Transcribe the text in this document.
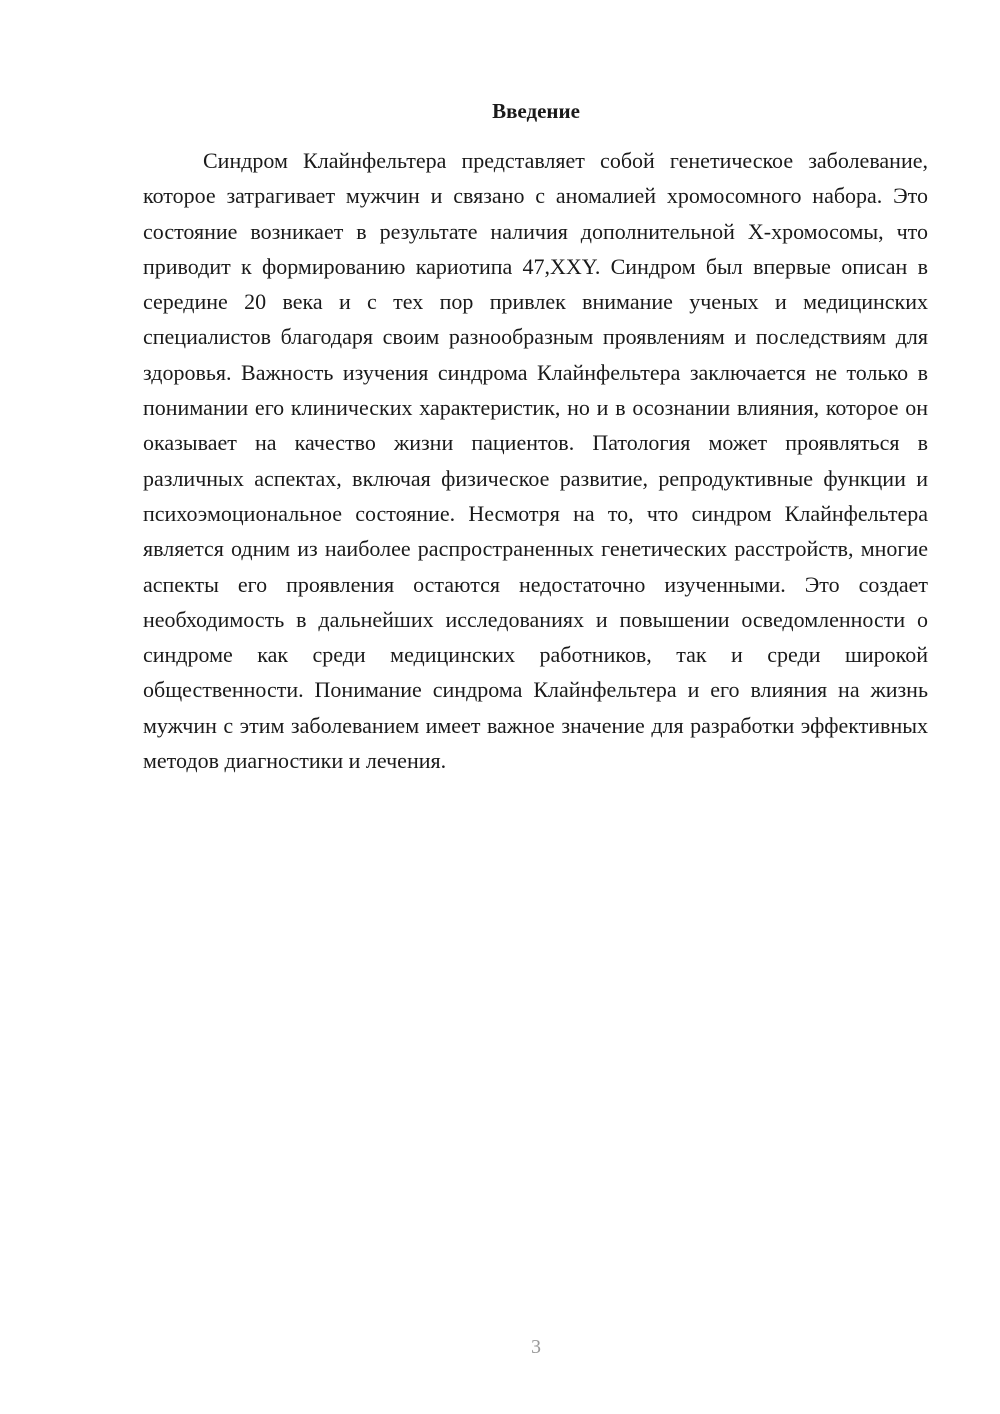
Введение

Синдром Клайнфельтера представляет собой генетическое заболевание, которое затрагивает мужчин и связано с аномалией хромосомного набора. Это состояние возникает в результате наличия дополнительной Х-хромосомы, что приводит к формированию кариотипа 47,XXY. Синдром был впервые описан в середине 20 века и с тех пор привлек внимание ученых и медицинских специалистов благодаря своим разнообразным проявлениям и последствиям для здоровья. Важность изучения синдрома Клайнфельтера заключается не только в понимании его клинических характеристик, но и в осознании влияния, которое он оказывает на качество жизни пациентов. Патология может проявляться в различных аспектах, включая физическое развитие, репродуктивные функции и психоэмоциональное состояние. Несмотря на то, что синдром Клайнфельтера является одним из наиболее распространенных генетических расстройств, многие аспекты его проявления остаются недостаточно изученными. Это создает необходимость в дальнейших исследованиях и повышении осведомленности о синдроме как среди медицинских работников, так и среди широкой общественности. Понимание синдрома Клайнфельтера и его влияния на жизнь мужчин с этим заболеванием имеет важное значение для разработки эффективных методов диагностики и лечения.

3
